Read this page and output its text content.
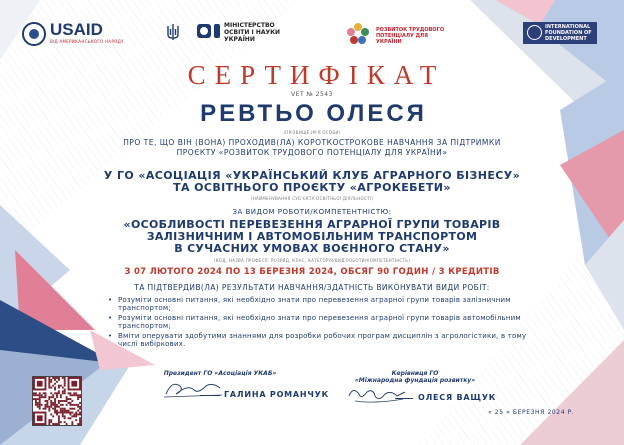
USAID
ВІД АМЕРИКАНСЬКОГО НАРОДУ
МІНІСТЕРСТВО ОСВІТИ І НАУКИ УКРАЇНИ
РОЗВИТОК ТРУДОВОГО ПОТЕНЦІАЛУ ДЛЯ УКРАЇНИ
INTERNATIONAL FOUNDATION OF DEVELOPMENT
СЕРТИФІКАТ
VET № 2543
РЕВТЬО ОЛЕСЯ
(ПРІЗВИЩЕ,ІМ'Я ОСОБИ)
ПРО ТЕ, ЩО ВІН (ВОНА) ПРОХОДИВ(ЛА) КОРОТКОСТРОКОВЕ НАВЧАННЯ ЗА ПІДТРИМКИ
ПРОЄКТУ «РОЗВИТОК ТРУДОВОГО ПОТЕНЦІАЛУ ДЛЯ УКРАЇНИ»
У ГО «АСОЦІАЦІЯ «УКРАЇНСЬКИЙ КЛУБ АГРАРНОГО БІЗНЕСУ»
ТА ОСВІТНЬОГО ПРОЄКТУ «АГРОКЕБЕТИ»
(НАЙМЕНУВАННЯ СУБ'ЄКТА ОСВІТНЬОЇ ДІЯЛЬНОСТІ)
ЗА ВИДОМ РОБОТИ/КОМПЕТЕНТНІСТЮ:
«ОСОБЛИВОСТІ ПЕРЕВЕЗЕННЯ АГРАРНОЇ ГРУПИ ТОВАРІВ
ЗАЛІЗНИЧНИМ І АВТОМОБІЛЬНИМ ТРАНСПОРТОМ
В СУЧАСНИХ УМОВАХ ВОЄННОГО СТАНУ»
(КОД, НАЗВА ПРОФЕСІЇ, РОЗРЯД, КЛАС, КАТЕГОРІЯ/ВИД РОБОТИ/КОМПЕТЕНТНІСТЬ)
З 07 ЛЮТОГО 2024 ПО 13 БЕРЕЗНЯ 2024, ОБСЯГ 90 ГОДИН / 3 КРЕДИТІВ
ТА ПІДТВЕРДИВ(ЛА) РЕЗУЛЬТАТИ НАВЧАННЯ/ЗДАТНІСТЬ ВИКОНУВАТИ ВИДИ РОБІТ:
• Розуміти основні питання, які необхідно знати про перевезення аграрної групи товарів залізничним транспортом;
• Розуміти основні питання, які необхідно знати про перевезення аграрної групи товарів автомобільним транспортом;
• Вміти оперувати здобутими знаннями для розробки робочих програм дисциплін з агрологістики, в тому числі вибіркових.
Президент ГО «Асоціація УКАБ»
ГАЛИНА РОМАНЧУК
Керівниця ГО
«Міжнародна фундація розвитку»
ОЛЕСЯ ВАЩУК
« 25 » БЕРЕЗНЯ 2024 Р.
